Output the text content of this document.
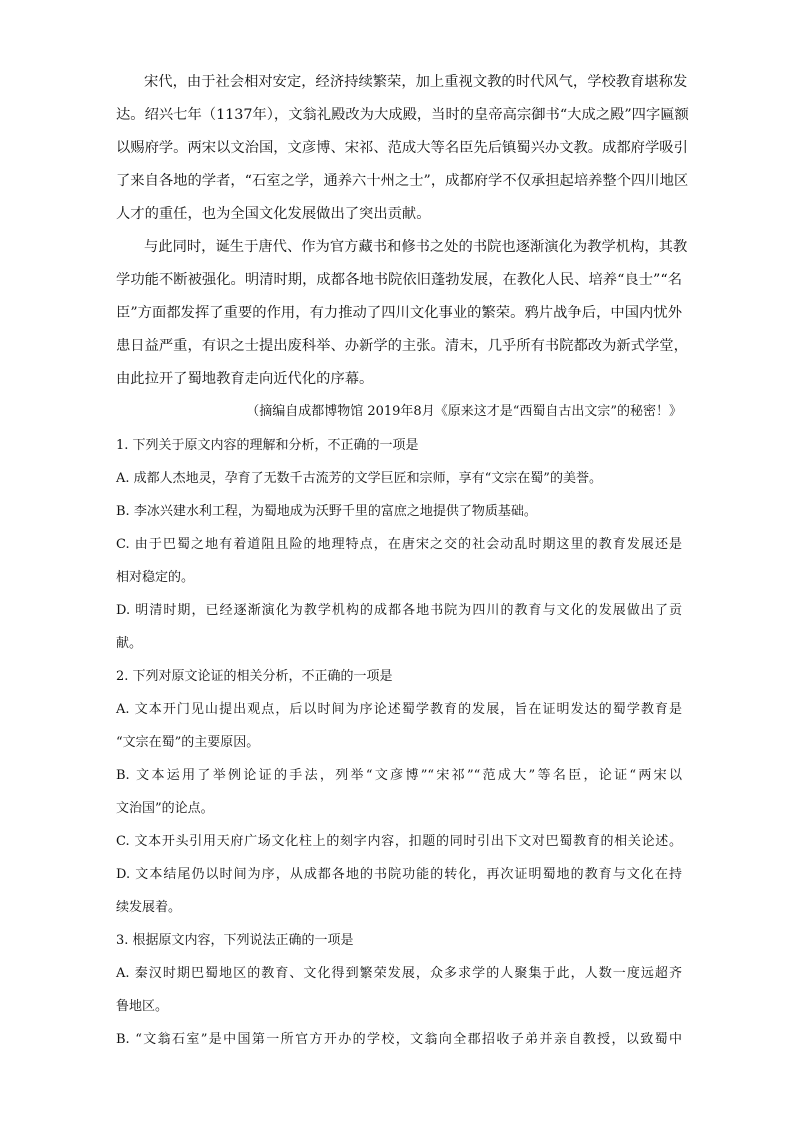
宋代，由于社会相对安定，经济持续繁荣，加上重视文教的时代风气，学校教育堪称发
达。绍兴七年（1137年），文翁礼殿改为大成殿，当时的皇帝高宗御书“大成之殿”四字匾额
以赐府学。两宋以文治国，文彦博、宋祁、范成大等名臣先后镇蜀兴办文教。成都府学吸引
了来自各地的学者，“石室之学，通养六十州之士”，成都府学不仅承担起培养整个四川地区
人才的重任，也为全国文化发展做出了突出贡献。
与此同时，诞生于唐代、作为官方藏书和修书之处的书院也逐渐演化为教学机构，其教
学功能不断被强化。明清时期，成都各地书院依旧蓬勃发展，在教化人民、培养“良士”“名
臣”方面都发挥了重要的作用，有力推动了四川文化事业的繁荣。鸦片战争后，中国内忧外
患日益严重，有识之士提出废科举、办新学的主张。清末，几乎所有书院都改为新式学堂，
由此拉开了蜀地教育走向近代化的序幕。
（摘编自成都博物馆 2019年8月《原来这才是“西蜀自古出文宗”的秘密！》
1. 下列关于原文内容的理解和分析，不正确的一项是
A. 成都人杰地灵，孕育了无数千古流芳的文学巨匠和宗师，享有“文宗在蜀”的美誉。
B. 李冰兴建水利工程，为蜀地成为沃野千里的富庶之地提供了物质基础。
C. 由于巴蜀之地有着道阻且险的地理特点，在唐宋之交的社会动乱时期这里的教育发展还是
相对稳定的。
D. 明清时期，已经逐渐演化为教学机构的成都各地书院为四川的教育与文化的发展做出了贡
献。
2. 下列对原文论证的相关分析，不正确的一项是
A. 文本开门见山提出观点，后以时间为序论述蜀学教育的发展，旨在证明发达的蜀学教育是
“文宗在蜀”的主要原因。
B. 文本运用了举例论证的手法，列举“文彦博”“宋祁”“范成大”等名臣，论证“两宋以
文治国”的论点。
C. 文本开头引用天府广场文化柱上的刻字内容，扣题的同时引出下文对巴蜀教育的相关论述。
D. 文本结尾仍以时间为序，从成都各地的书院功能的转化，再次证明蜀地的教育与文化在持
续发展着。
3. 根据原文内容，下列说法正确的一项是
A. 秦汉时期巴蜀地区的教育、文化得到繁荣发展，众多求学的人聚集于此，人数一度远超齐
鲁地区。
B. “文翁石室”是中国第一所官方开办的学校，文翁向全郡招收子弟并亲自教授，以致蜀中
